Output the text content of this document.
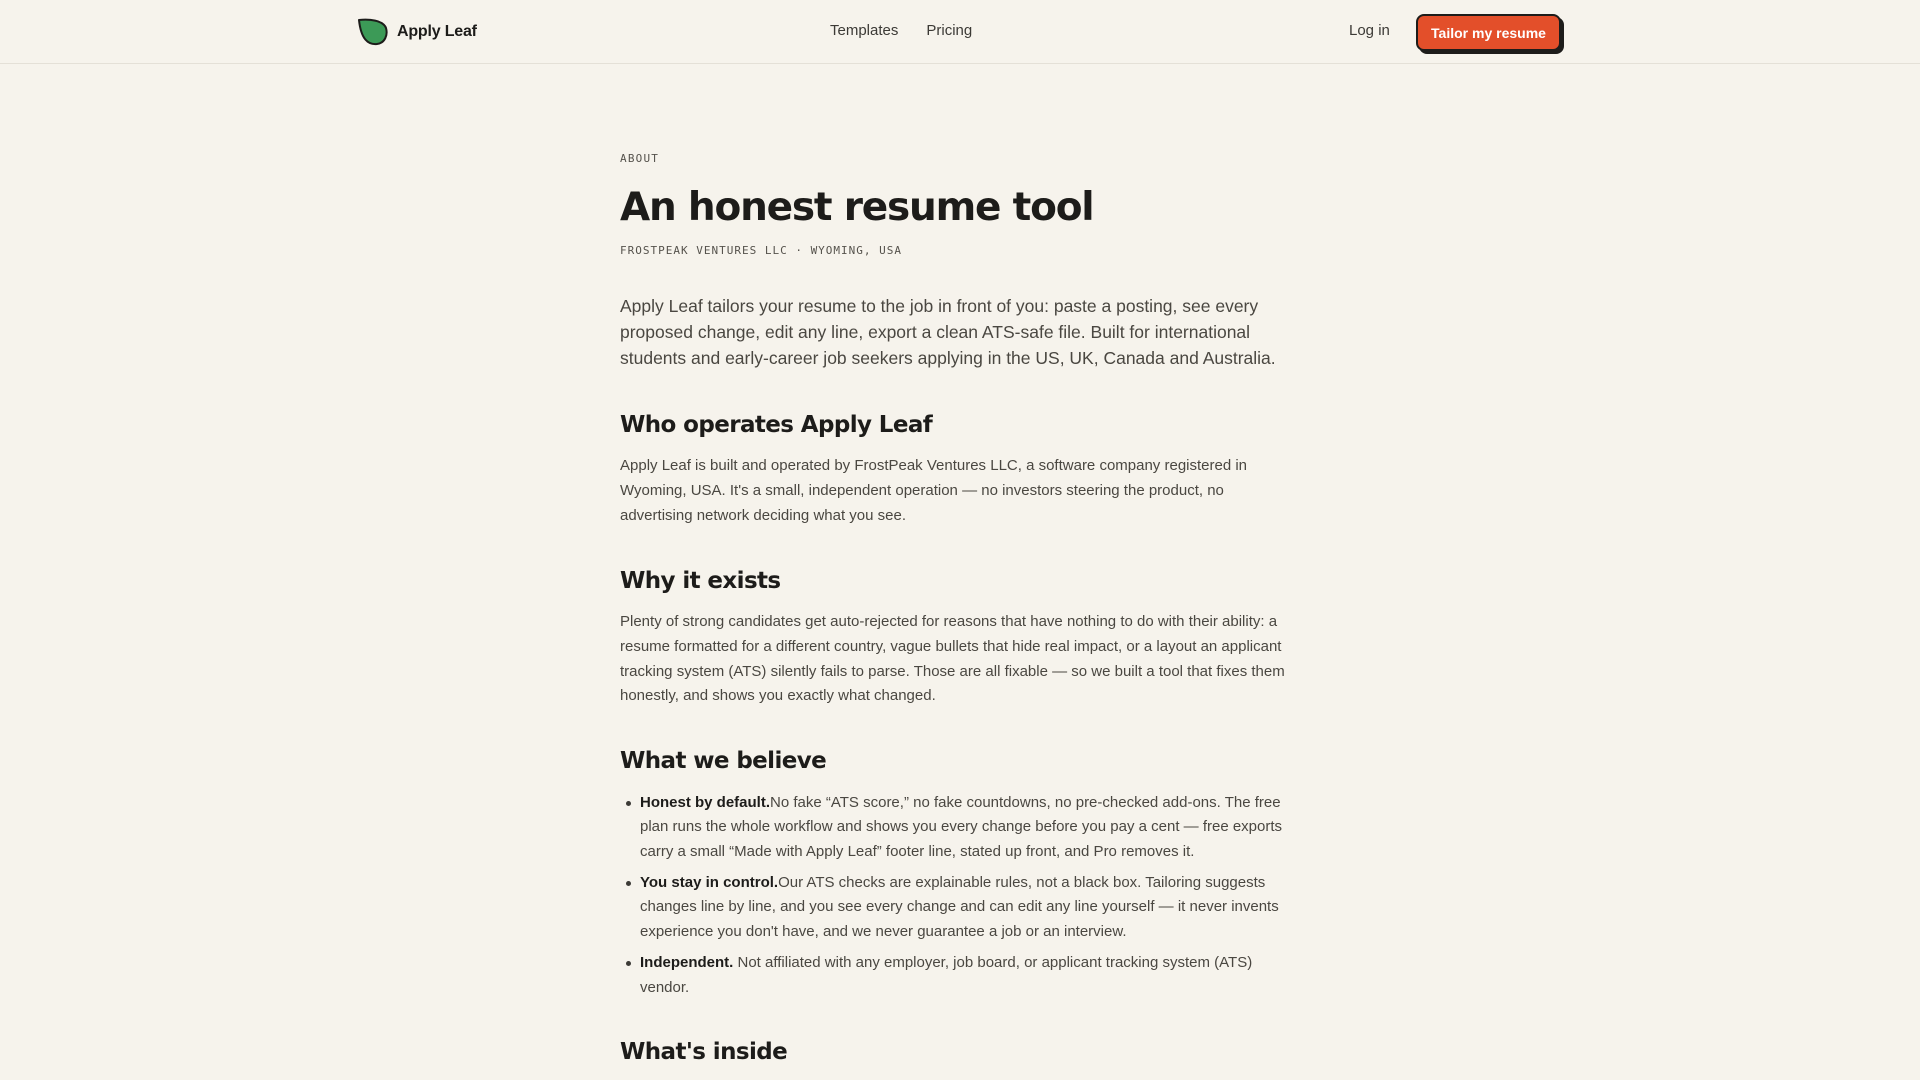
Apply Leaf	Templates Pricing	Log in	Tailor my resume
ABOUT
An honest resume tool
FROSTPEAK VENTURES LLC · WYOMING, USA

Apply Leaf tailors your resume to the job in front of you: paste a posting, see every proposed change, edit any line, export a clean ATS-safe file. Built for international students and early-career job seekers applying in the US, UK, Canada and Australia.

Who operates Apply Leaf

Apply Leaf is built and operated by FrostPeak Ventures LLC, a software company registered in Wyoming, USA. It's a small, independent operation — no investors steering the product, no advertising network deciding what you see.

Why it exists

Plenty of strong candidates get auto-rejected for reasons that have nothing to do with their ability: a resume formatted for a different country, vague bullets that hide real impact, or a layout an applicant tracking system (ATS) silently fails to parse. Those are all fixable — so we built a tool that fixes them honestly, and shows you exactly what changed.

What we believe
Honest by default.No fake “ATS score,” no fake countdowns, no pre-checked add-ons. The free plan runs the whole workflow and shows you every change before you pay a cent — free exports carry a small “Made with Apply Leaf” footer line, stated up front, and Pro removes it.
You stay in control.Our ATS checks are explainable rules, not a black box. Tailoring suggests changes line by line, and you see every change and can edit any line yourself — it never invents experience you don't have, and we never guarantee a job or an interview.
Independent. Not affiliated with any employer, job board, or applicant tracking system (ATS) vendor.
What's inside
